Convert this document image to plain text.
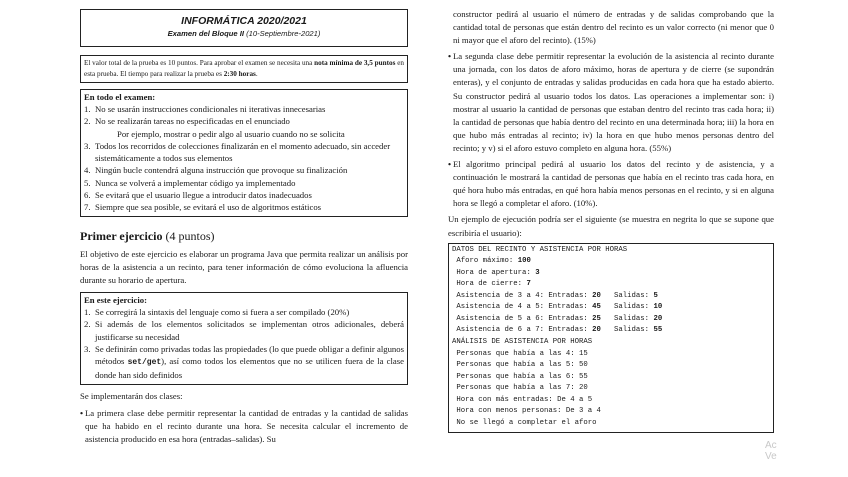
INFORMÁTICA 2020/2021
Examen del Bloque II (10-Septiembre-2021)
El valor total de la prueba es 10 puntos. Para aprobar el examen se necesita una nota mínima de 3,5 puntos en esta prueba. El tiempo para realizar la prueba es 2:30 horas.
En todo el examen:
1. No se usarán instrucciones condicionales ni iterativas innecesarias
2. No se realizarán tareas no especificadas en el enunciado
Por ejemplo, mostrar o pedir algo al usuario cuando no se solicita
3. Todos los recorridos de colecciones finalizarán en el momento adecuado, sin acceder sistemáticamente a todos sus elementos
4. Ningún bucle contendrá alguna instrucción que provoque su finalización
5. Nunca se volverá a implementar código ya implementado
6. Se evitará que el usuario llegue a introducir datos inadecuados
7. Siempre que sea posible, se evitará el uso de algoritmos estáticos
Primer ejercicio (4 puntos)

El objetivo de este ejercicio es elaborar un programa Java que permita realizar un análisis por horas de la asistencia a un recinto, para tener información de cómo evoluciona la afluencia durante su horario de apertura.

En este ejercicio:
1. Se corregirá la sintaxis del lenguaje como si fuera a ser compilado (20%)
2. Si además de los elementos solicitados se implementan otros adicionales, deberá justificarse su necesidad
3. Se definirán como privadas todas las propiedades (lo que puede obligar a definir algunos métodos set/get), así como todos los elementos que no se utilicen fuera de la clase donde han sido definidos

Se implementarán dos clases:

• La primera clase debe permitir representar la cantidad de entradas y la cantidad de salidas que ha habido en el recinto durante una hora. Se necesita calcular el incremento de asistencia producido en esa hora (entradas–salidas). Su

constructor pedirá al usuario el número de entradas y de salidas comprobando que la cantidad total de personas que están dentro del recinto es un valor correcto (ni menor que 0 ni mayor que el aforo del recinto). (15%)

• La segunda clase debe permitir representar la evolución de la asistencia al recinto durante una jornada, con los datos de aforo máximo, horas de apertura y de cierre (se supondrán enteras), y el conjunto de entradas y salidas producidas en cada hora que ha estado abierto. Su constructor pedirá al usuario todos los datos. Las operaciones a implementar son: i) mostrar al usuario la cantidad de personas que estaban dentro del recinto tras cada hora; ii) la cantidad de personas que había dentro del recinto en una determinada hora; iii) la hora en que hubo más entradas al recinto; iv) la hora en que hubo menos personas dentro del recinto; y v) si el aforo estuvo completo en alguna hora. (55%)
• El algoritmo principal pedirá al usuario los datos del recinto y de asistencia, y a continuación le mostrará la cantidad de personas que había en el recinto tras cada hora, en qué hora hubo más entradas, en qué hora había menos personas en el recinto, y si en alguna hora se llegó a completar el aforo. (10%).

Un ejemplo de ejecución podría ser el siguiente (se muestra en negrita lo que se supone que escribiría el usuario):

DATOS DEL RECINTO Y ASISTENCIA POR HORAS
Aforo máximo: 100
Hora de apertura: 3
Hora de cierre: 7
Asistencia de 3 a 4: Entradas: 20   Salidas: 5
Asistencia de 4 a 5: Entradas: 45   Salidas: 10
Asistencia de 5 a 6: Entradas: 25   Salidas: 20
Asistencia de 6 a 7: Entradas: 20   Salidas: 55
ANÁLISIS DE ASISTENCIA POR HORAS
Personas que había a las 4: 15
Personas que había a las 5: 50
Personas que había a las 6: 55
Personas que había a las 7: 20
Hora con más entradas: De 4 a 5
Hora con menos personas: De 3 a 4
No se llegó a completar el aforo
Ac
Ve
